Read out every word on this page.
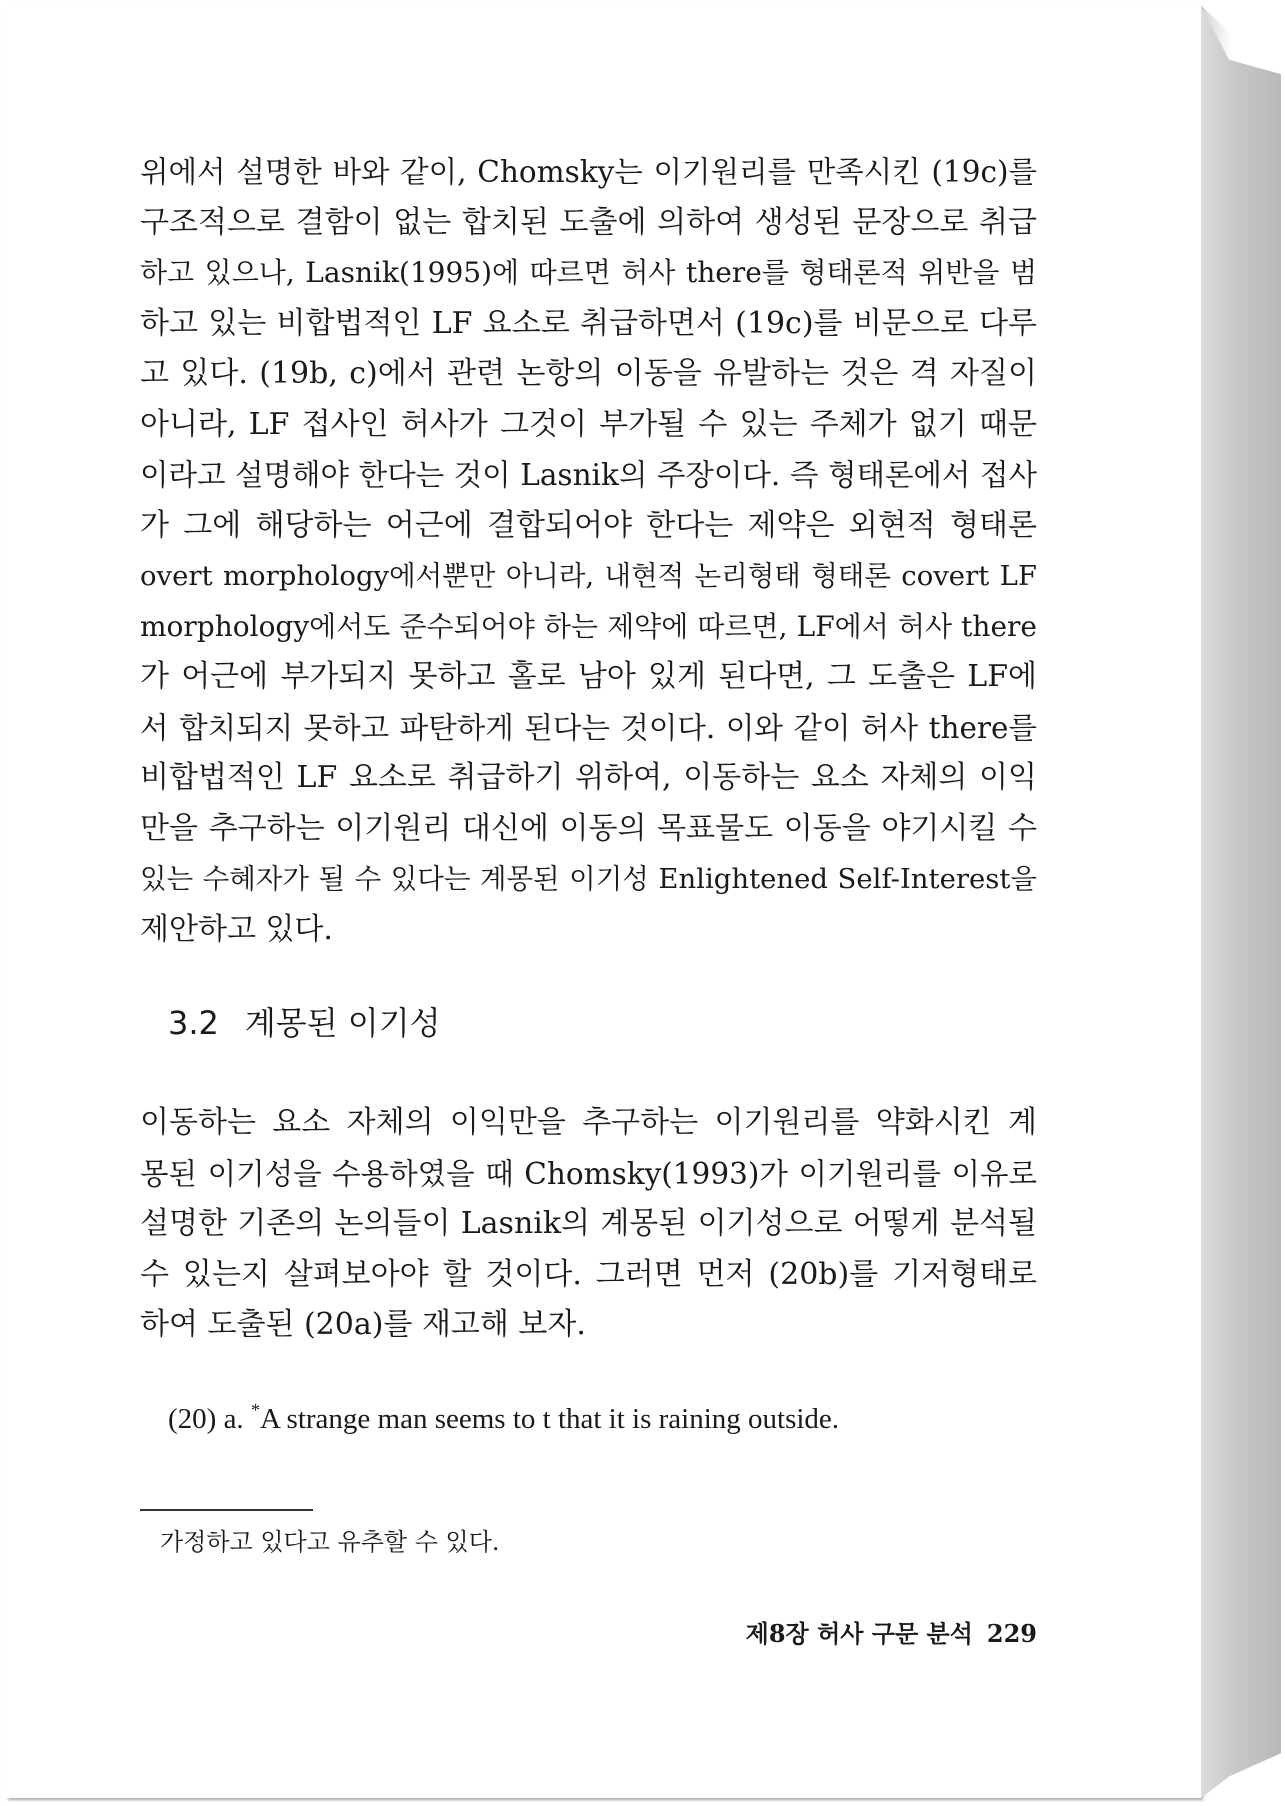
위에서 설명한 바와 같이, Chomsky는 이기원리를 만족시킨 (19c)를
구조적으로 결함이 없는 합치된 도출에 의하여 생성된 문장으로 취급
하고 있으나, Lasnik(1995)에 따르면 허사 there를 형태론적 위반을 범
하고 있는 비합법적인 LF 요소로 취급하면서 (19c)를 비문으로 다루
고 있다. (19b, c)에서 관련 논항의 이동을 유발하는 것은 격 자질이
아니라, LF 접사인 허사가 그것이 부가될 수 있는 주체가 없기 때문
이라고 설명해야 한다는 것이 Lasnik의 주장이다. 즉 형태론에서 접사
가 그에 해당하는 어근에 결합되어야 한다는 제약은 외현적 형태론
overt morphology에서뿐만 아니라, 내현적 논리형태 형태론 covert LF
morphology에서도 준수되어야 하는 제약에 따르면, LF에서 허사 there
가 어근에 부가되지 못하고 홀로 남아 있게 된다면, 그 도출은 LF에
서 합치되지 못하고 파탄하게 된다는 것이다. 이와 같이 허사 there를
비합법적인 LF 요소로 취급하기 위하여, 이동하는 요소 자체의 이익
만을 추구하는 이기원리 대신에 이동의 목표물도 이동을 야기시킬 수
있는 수혜자가 될 수 있다는 계몽된 이기성 Enlightened Self-Interest을
제안하고 있다.
3.2 계몽된 이기성
이동하는 요소 자체의 이익만을 추구하는 이기원리를 약화시킨 계
몽된 이기성을 수용하였을 때 Chomsky(1993)가 이기원리를 이유로
설명한 기존의 논의들이 Lasnik의 계몽된 이기성으로 어떻게 분석될
수 있는지 살펴보아야 할 것이다. 그러면 먼저 (20b)를 기저형태로
하여 도출된 (20a)를 재고해 보자.

(20) a. *A strange man seems to t that it is raining outside.

가정하고 있다고 유추할 수 있다.

제8장 허사 구문 분석 229
